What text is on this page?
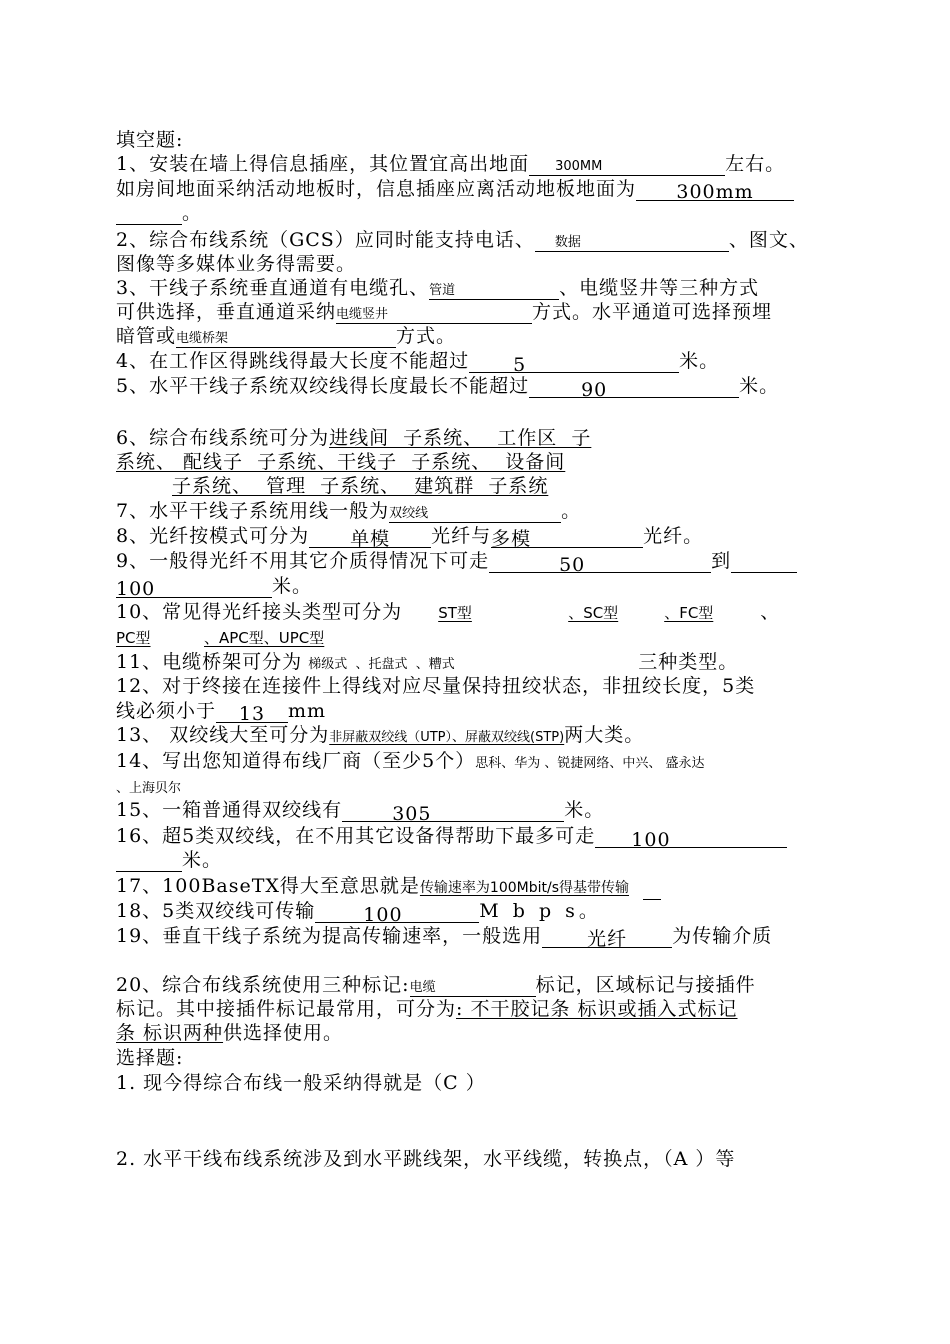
填空题:
1、安装在墙上得信息插座，其位置宜高出地面 300MM	左右。
如房间地面采纳活动地板时，信息插座应离活动地板地面为 300mm
。
2、综合布线系统（GCS）应同时能支持电话、 数据	、图文、
图像等多媒体业务得需要。
3、干线子系统垂直通道有电缆孔、管道	、电缆竖井等三种方式
可供选择，垂直通道采纳电缆竖井	方式。水平通道可选择预埋
暗管或电缆桥架	方式。
4、在工作区得跳线得最大长度不能超过 5	米。
5、水平干线子系统双绞线得长度最长不能超过	90	米。
6、综合布线系统可分为进线间  子系统、  工作区  子
系统、 配线子  子系统、干线子  子系统、  设备间
子系统、  管理  子系统、  建筑群  子系统
7、水平干线子系统用线一般为双绞线	。
8、光纤按模式可分为 单模 光纤与多模	光纤。
9、一般得光纤不用其它介质得情况下可走	50	到
100	米。
10、常见得光纤接头类型可分为 ST型	、SC型	、FC型 、
PC型	、APC型、UPC型
11、电缆桥架可分为 梯级式  、托盘式  、糟式	三种类型。
12、对于终接在连接件上得线对应尽量保持扭绞状态，非扭绞长度，5类
线必须小于 13 mm
13、 双绞线大至可分为非屏蔽双绞线（UTP）、屏蔽双绞线(STP)两大类。
14、写出您知道得布线厂商（至少5个）思科、华为 、锐捷网络、中兴、 盛永达
、上海贝尔
15、一箱普通得双绞线有	305	米。
16、超5类双绞线，在不用其它设备得帮助下最多可走 100
米。
17、100BaseTX得大至意思就是传输速率为100Mbit/s得基带传输
18、5类双绞线可传输	100	M b p s。
19、垂直干线子系统为提高传输速率，一般选用 光纤 为传输介质
20、综合布线系统使用三种标记:电缆	标记，区域标记与接插件
标记。其中接插件标记最常用，可分为: 不干胶记条 标识或插入式标记
条 标识两种供选择使用。
选择题:
1. 现今得综合布线一般采纳得就是（C ）
2. 水平干线布线系统涉及到水平跳线架，水平线缆，转换点，（A ）等
